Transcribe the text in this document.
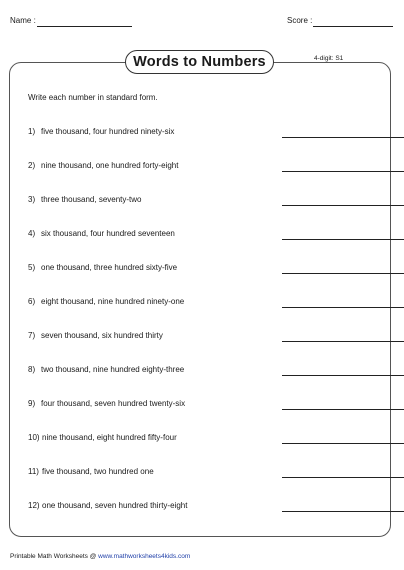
Name :	Score :
Words to Numbers	4-digit: S1
Write each number in standard form.
1) five thousand, four hundred ninety-six
2) nine thousand, one hundred forty-eight
3) three thousand, seventy-two
4) six thousand, four hundred seventeen
5) one thousand, three hundred sixty-five
6) eight thousand, nine hundred ninety-one
7) seven thousand, six hundred thirty
8) two thousand, nine hundred eighty-three
9) four thousand, seven hundred twenty-six
10) nine thousand, eight hundred fifty-four
11) five thousand, two hundred one
12) one thousand, seven hundred thirty-eight
Printable Math Worksheets @ www.mathworksheets4kids.com
